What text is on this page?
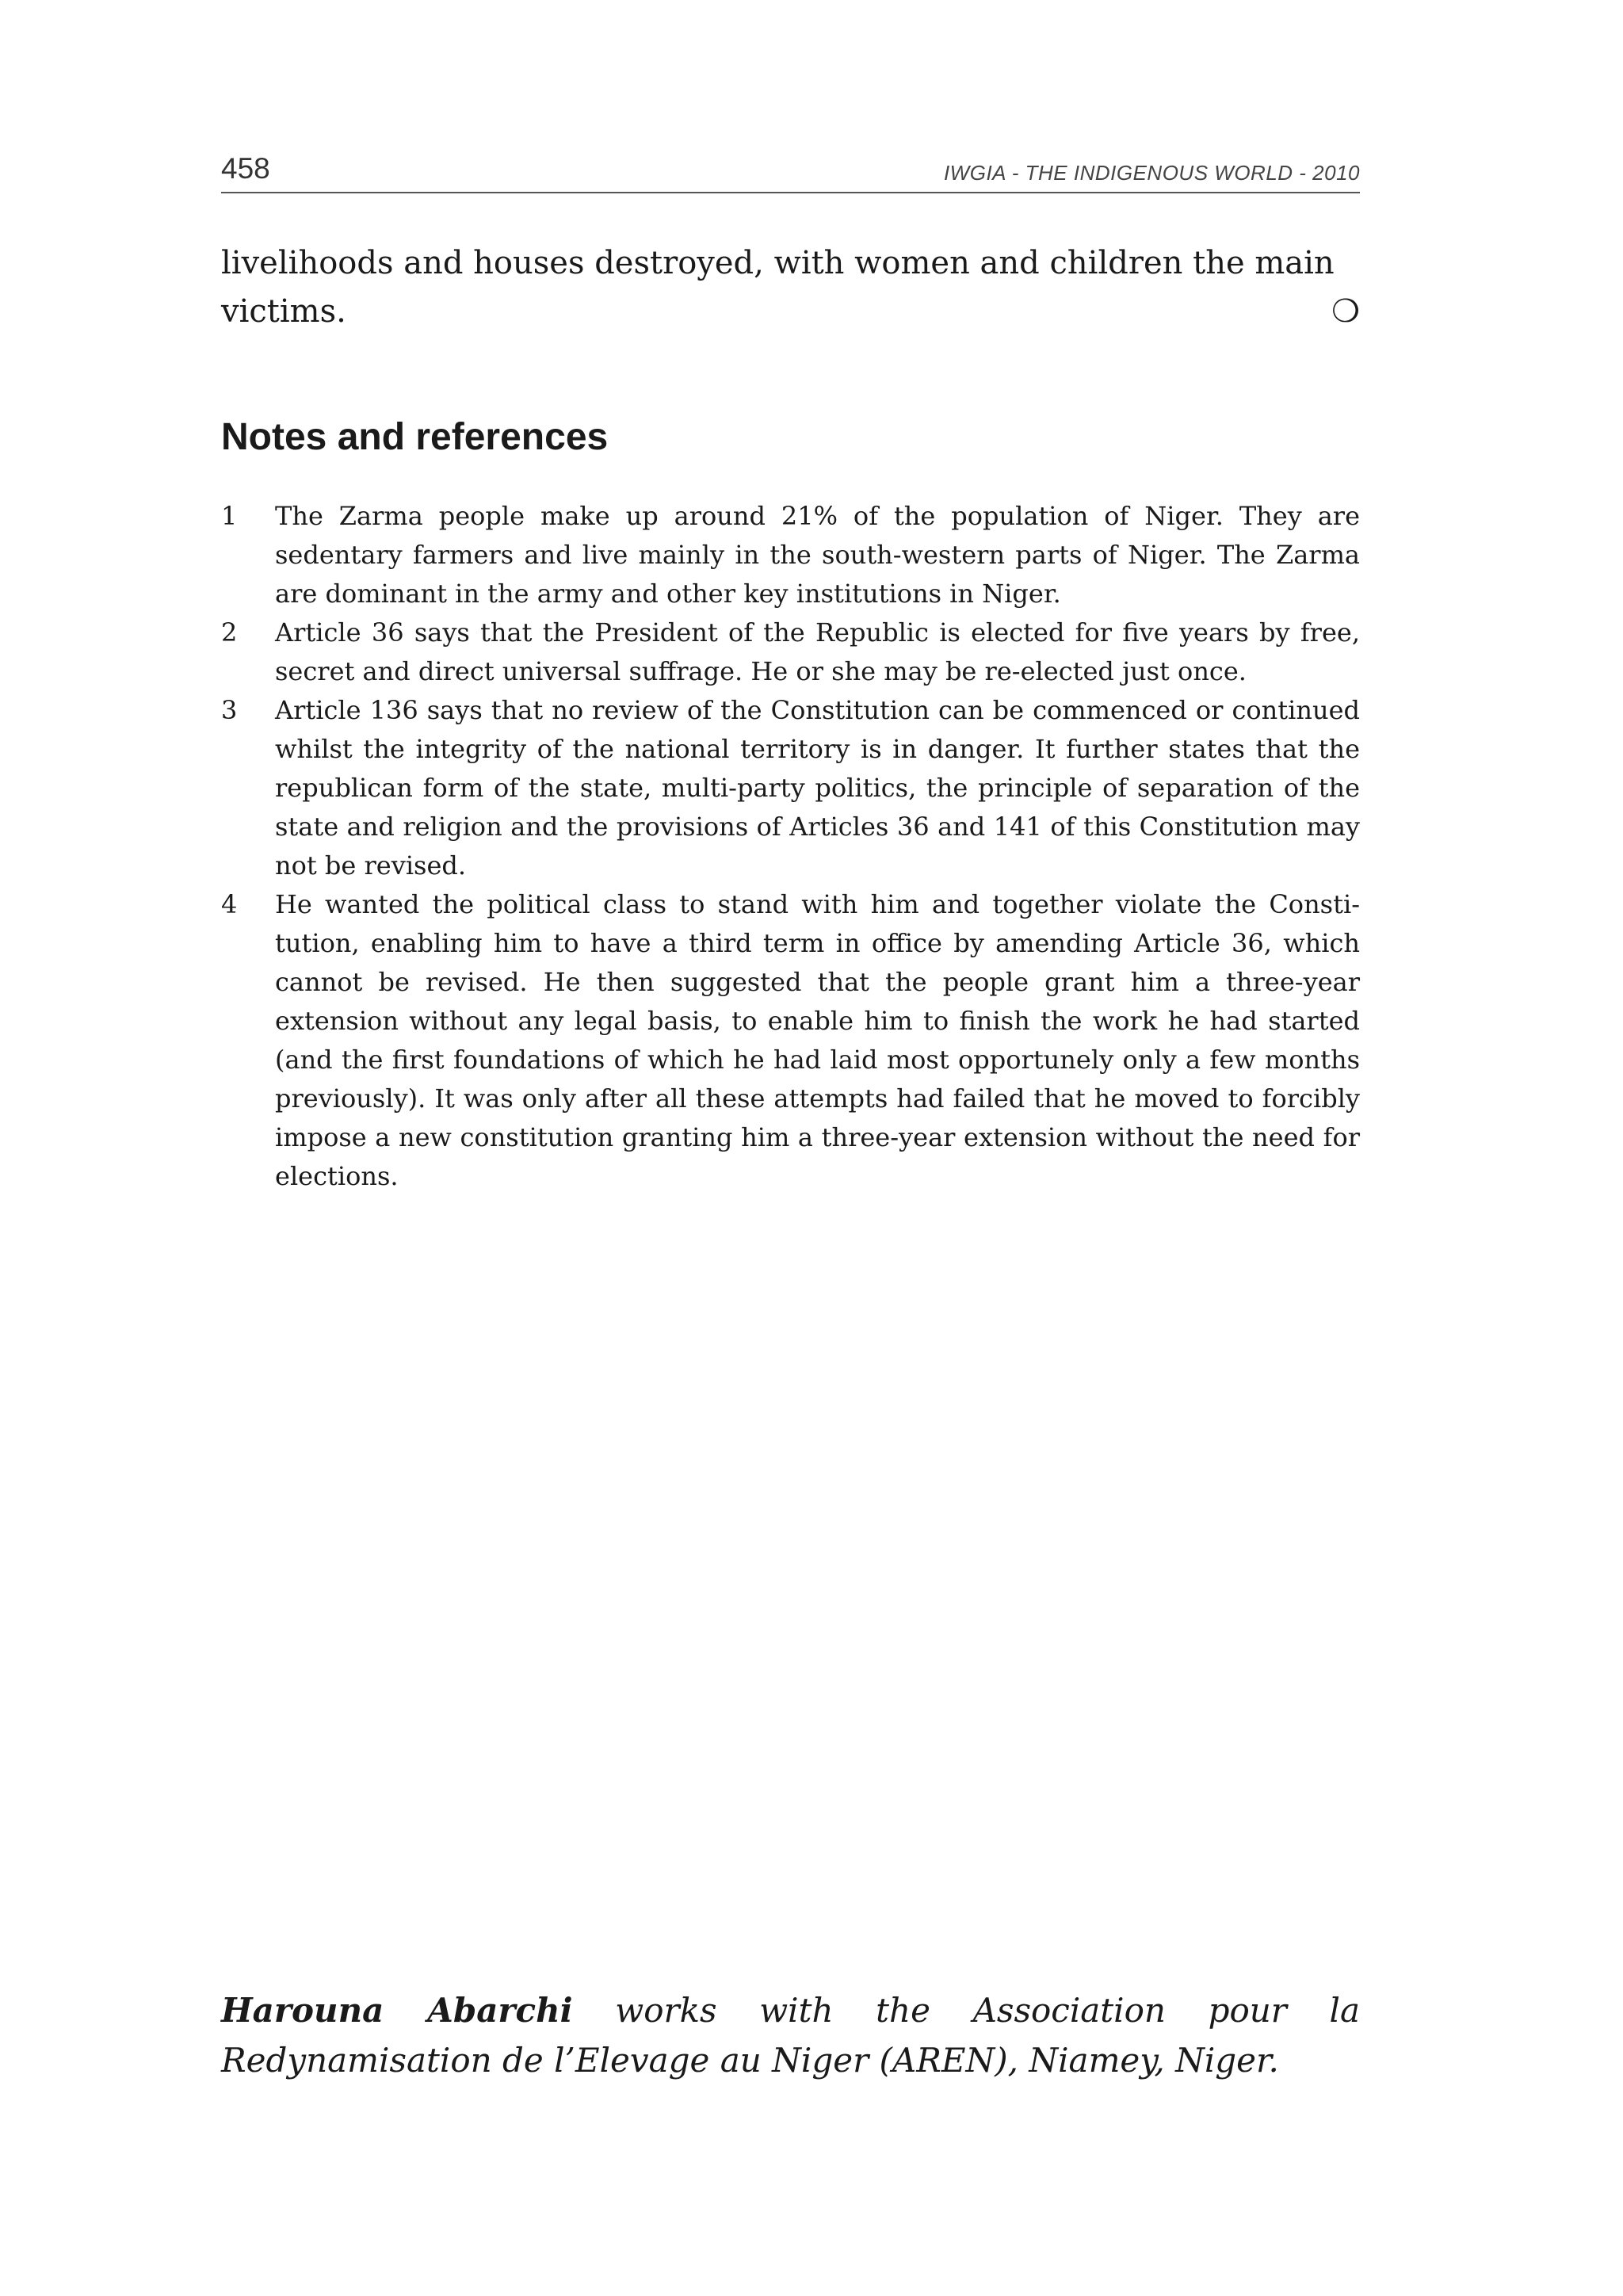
458	IWGIA - THE INDIGENOUS WORLD - 2010
livelihoods and houses destroyed, with women and children the main victims.	❍
Notes and references
1	The Zarma people make up around 21% of the population of Niger. They are sedentary farmers and live mainly in the south-western parts of Niger. The Zarma are dominant in the army and other key institutions in Niger.
2	Article 36 says that the President of the Republic is elected for five years by free, secret and direct universal suffrage. He or she may be re-elected just once.
3	Article 136 says that no review of the Constitution can be commenced or continued whilst the integrity of the national territory is in danger. It further states that the republican form of the state, multi-party politics, the principle of separation of the state and religion and the provisions of Articles 36 and 141 of this Constitution may not be revised.
4	He wanted the political class to stand with him and together violate the Constitution, enabling him to have a third term in office by amending Article 36, which cannot be revised. He then suggested that the people grant him a three-year extension without any legal basis, to enable him to finish the work he had started (and the first foundations of which he had laid most opportunely only a few months previously). It was only after all these attempts had failed that he moved to forcibly impose a new constitution granting him a three-year extension without the need for elections.
Harouna Abarchi works with the Association pour la Redynamisation de l’Elevage au Niger (AREN), Niamey, Niger.
